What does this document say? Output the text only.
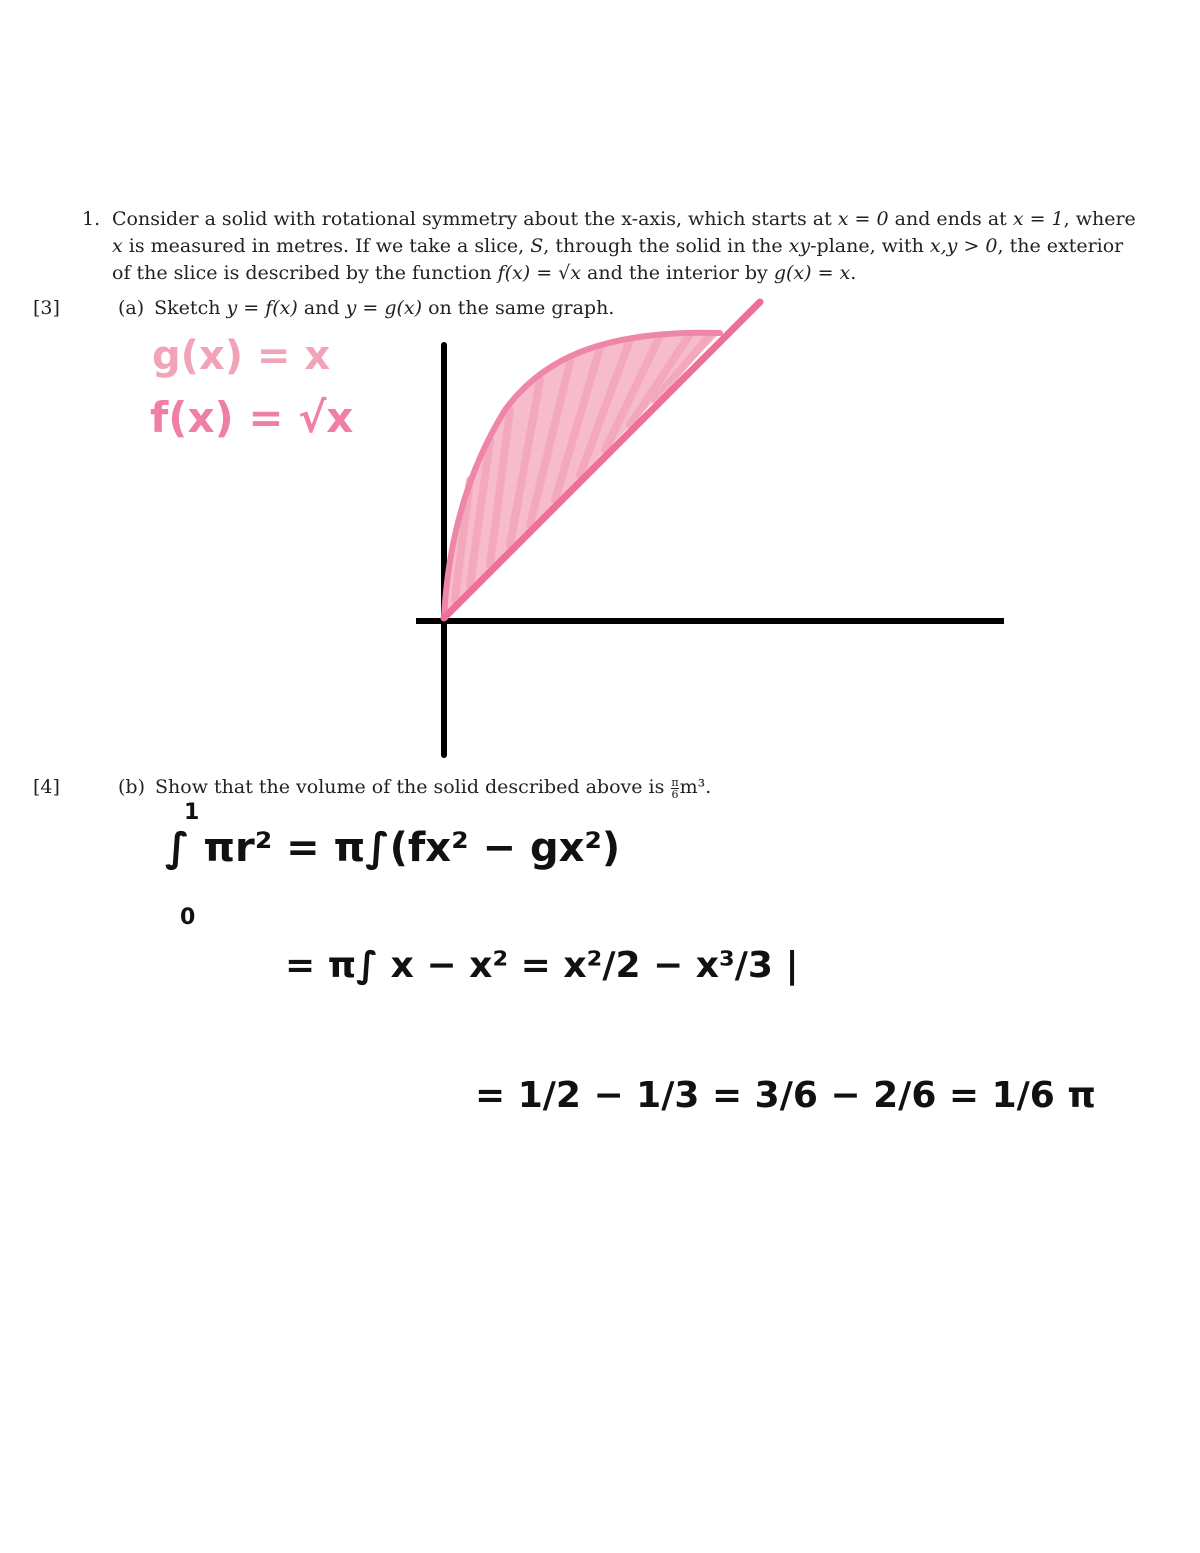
1. Consider a solid with rotational symmetry about the x-axis, which starts at x = 0 and ends at x = 1, where x is measured in metres. If we take a slice, S, through the solid in the xy-plane, with x,y > 0, the exterior of the slice is described by the function f(x) = √x and the interior by g(x) = x.
[3]	(a) Sketch y = f(x) and y = g(x) on the same graph.
[4]	(b) Show that the volume of the solid described above is $\frac{\pi}{6} m^3$.
g(x) = x
f(x) = √x
1
∫ πr² = π∫(fx² − gx²)
0
= π∫ x − x² = x²/2 − x³/3 |
= 1/2 − 1/3 = 3/6 − 2/6 = 1/6 π
